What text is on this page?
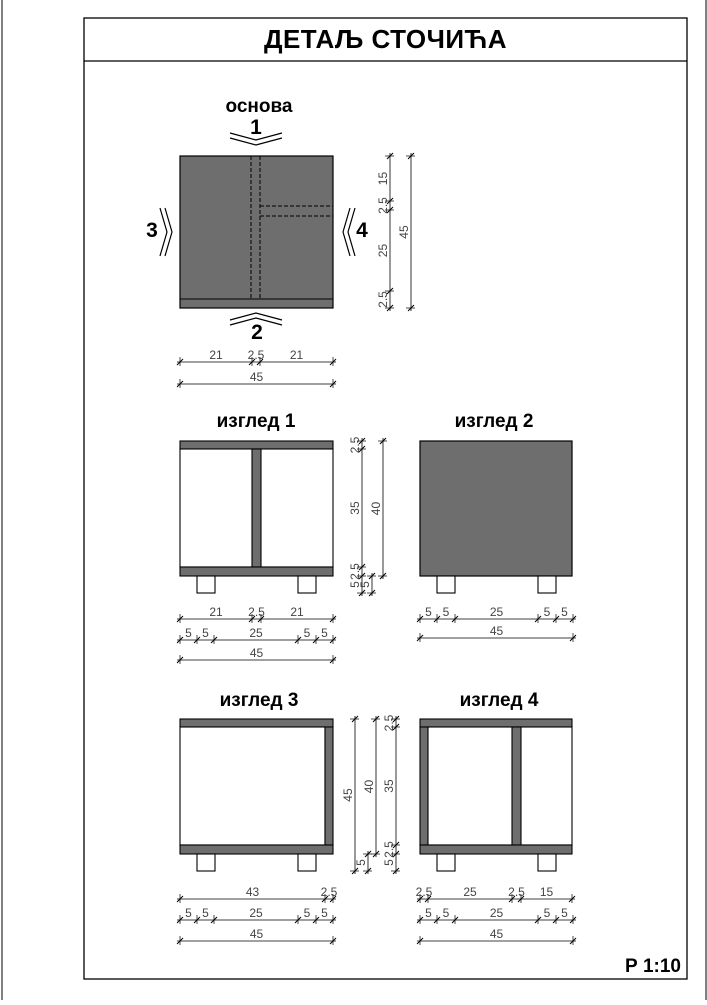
21 2.5 21
45
15
2.5
25
2.5
45
21 2.5 21
5 5	25	5 5
45
2.5
35
2.5
5
5
40
5 5	25	5 5
45
43	2.5
5 5	25	5 5
45
45
40
5
2.5	25	2.5 15
5 5	25	5 5
45
2.5
35
2.5
5
ДЕТАЉ СТОЧИЋА
Р 1:10
основа
изглед 1	изглед 2
изглед 3	изглед 4
1
2
3	4
